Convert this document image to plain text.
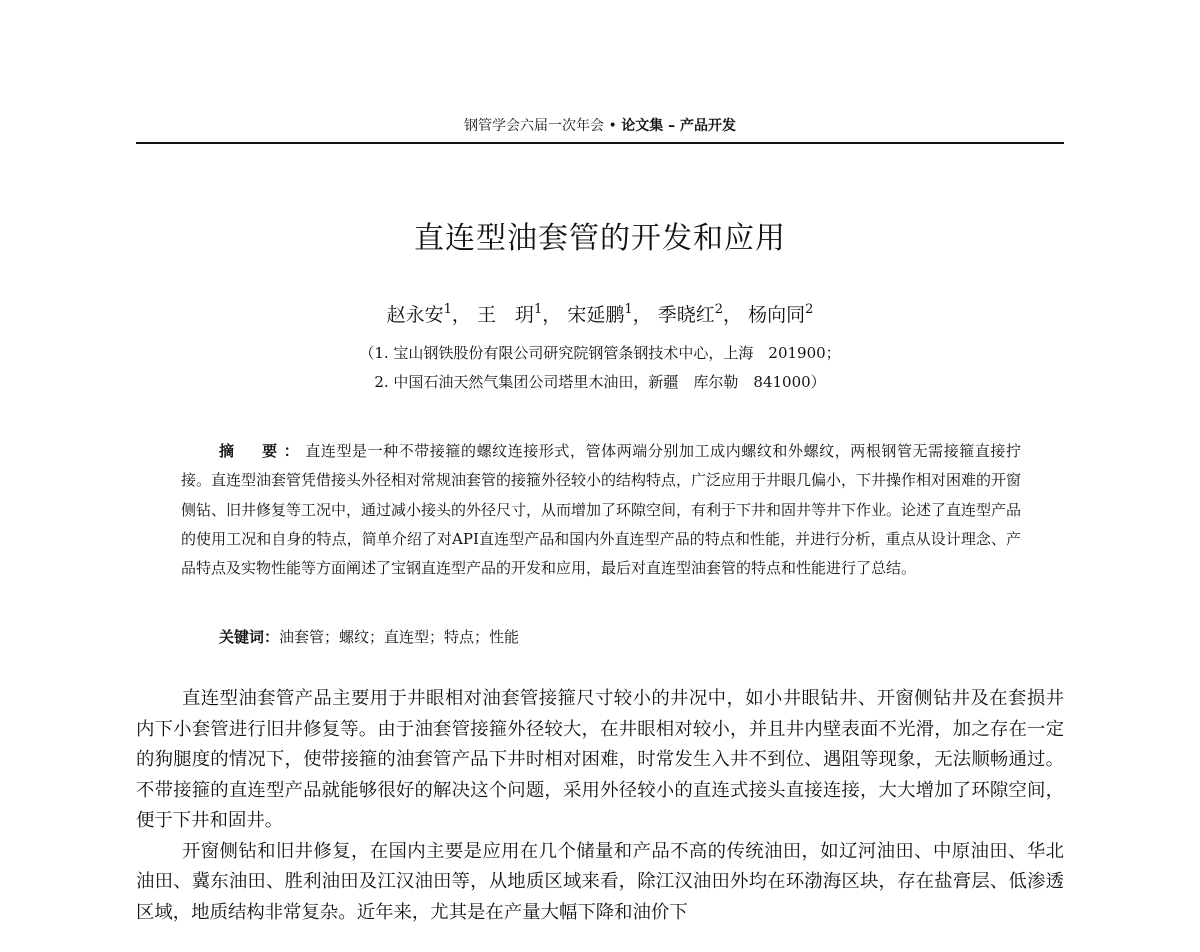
钢管学会六届一次年会 • 论文集 – 产品开发
直连型油套管的开发和应用
赵永安$^1$， 王　玥$^1$， 宋延鹏$^1$， 季晓红$^2$， 杨向同$^2$
（1. 宝山钢铁股份有限公司研究院钢管条钢技术中心，上海　201900；
2. 中国石油天然气集团公司塔里木油田，新疆　库尔勒　841000）
摘　要：直连型是一种不带接箍的螺纹连接形式，管体两端分别加工成内螺纹和外螺纹，两根钢管无需接箍直接拧接。直连型油套管凭借接头外径相对常规油套管的接箍外径较小的结构特点，广泛应用于井眼几偏小，下井操作相对困难的开窗侧钻、旧井修复等工况中，通过减小接头的外径尺寸，从而增加了环隙空间，有利于下井和固井等井下作业。论述了直连型产品的使用工况和自身的特点，简单介绍了对API直连型产品和国内外直连型产品的特点和性能，并进行分析，重点从设计理念、产品特点及实物性能等方面阐述了宝钢直连型产品的开发和应用，最后对直连型油套管的特点和性能进行了总结。
关键词：油套管；螺纹；直连型；特点；性能

直连型油套管产品主要用于井眼相对油套管接箍尺寸较小的井况中，如小井眼钻井、开窗侧钻井及在套损井内下小套管进行旧井修复等。由于油套管接箍外径较大，在井眼相对较小，并且井内壁表面不光滑，加之存在一定的狗腿度的情况下，使带接箍的油套管产品下井时相对困难，时常发生入井不到位、遇阻等现象，无法顺畅通过。不带接箍的直连型产品就能够很好的解决这个问题，采用外径较小的直连式接头直接连接，大大增加了环隙空间，便于下井和固井。

开窗侧钻和旧井修复，在国内主要是应用在几个储量和产品不高的传统油田，如辽河油田、中原油田、华北油田、冀东油田、胜利油田及江汉油田等，从地质区域来看，除江汉油田外均在环渤海区块，存在盐膏层、低渗透区域，地质结构非常复杂。近年来，尤其是在产量大幅下降和油价下
